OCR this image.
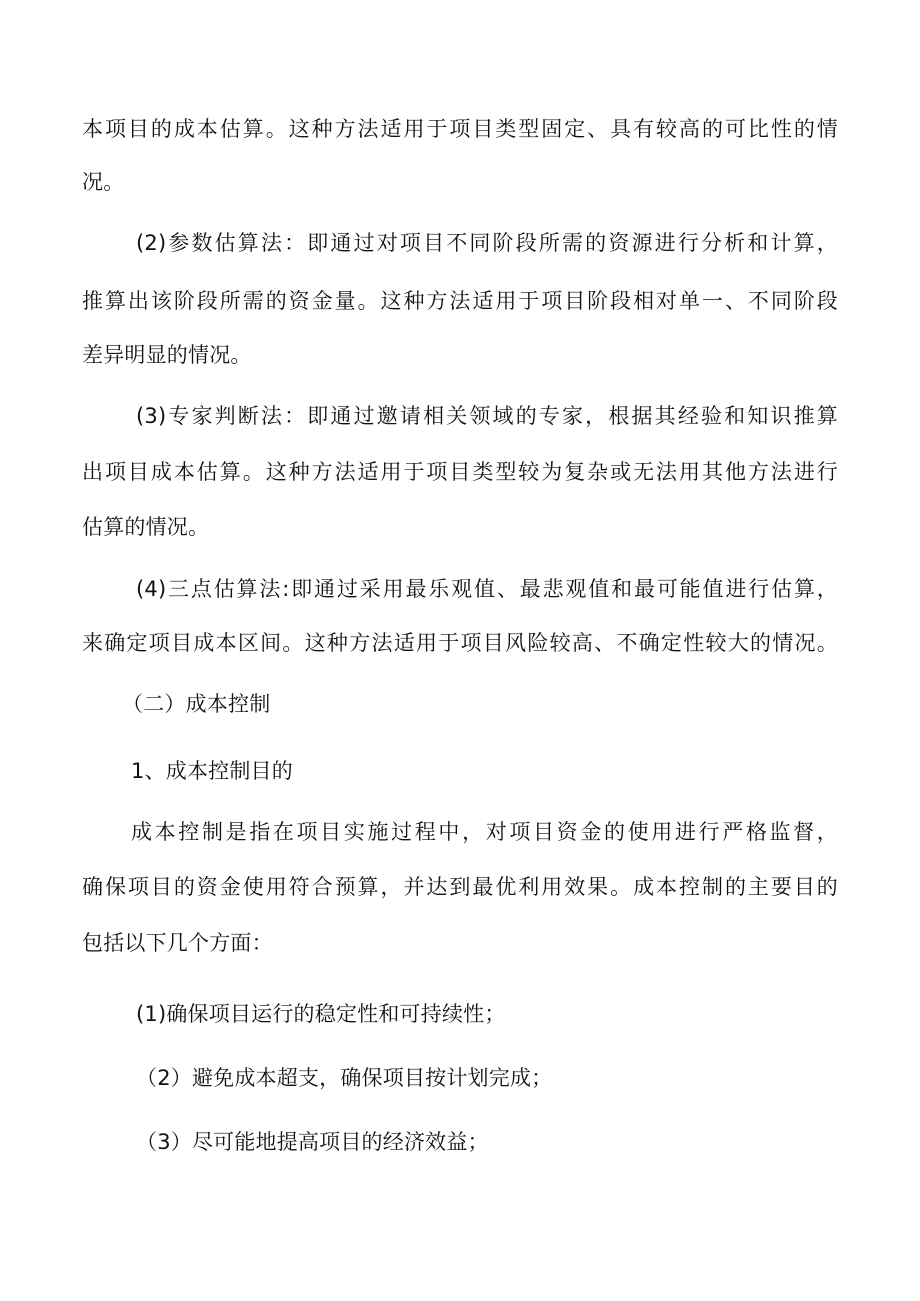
本项目的成本估算。这种方法适用于项目类型固定、具有较高的可比性的情
况。
(2)参数估算法：即通过对项目不同阶段所需的资源进行分析和计算，
推算出该阶段所需的资金量。这种方法适用于项目阶段相对单一、不同阶段
差异明显的情况。
(3)专家判断法：即通过邀请相关领域的专家，根据其经验和知识推算
出项目成本估算。这种方法适用于项目类型较为复杂或无法用其他方法进行
估算的情况。
(4)三点估算法:即通过采用最乐观值、最悲观值和最可能值进行估算，
来确定项目成本区间。这种方法适用于项目风险较高、不确定性较大的情况。
（二）成本控制
1、成本控制目的
成本控制是指在项目实施过程中，对项目资金的使用进行严格监督，
确保项目的资金使用符合预算，并达到最优利用效果。成本控制的主要目的
包括以下几个方面：
(1)确保项目运行的稳定性和可持续性；
（2）避免成本超支，确保项目按计划完成；
（3）尽可能地提高项目的经济效益；
